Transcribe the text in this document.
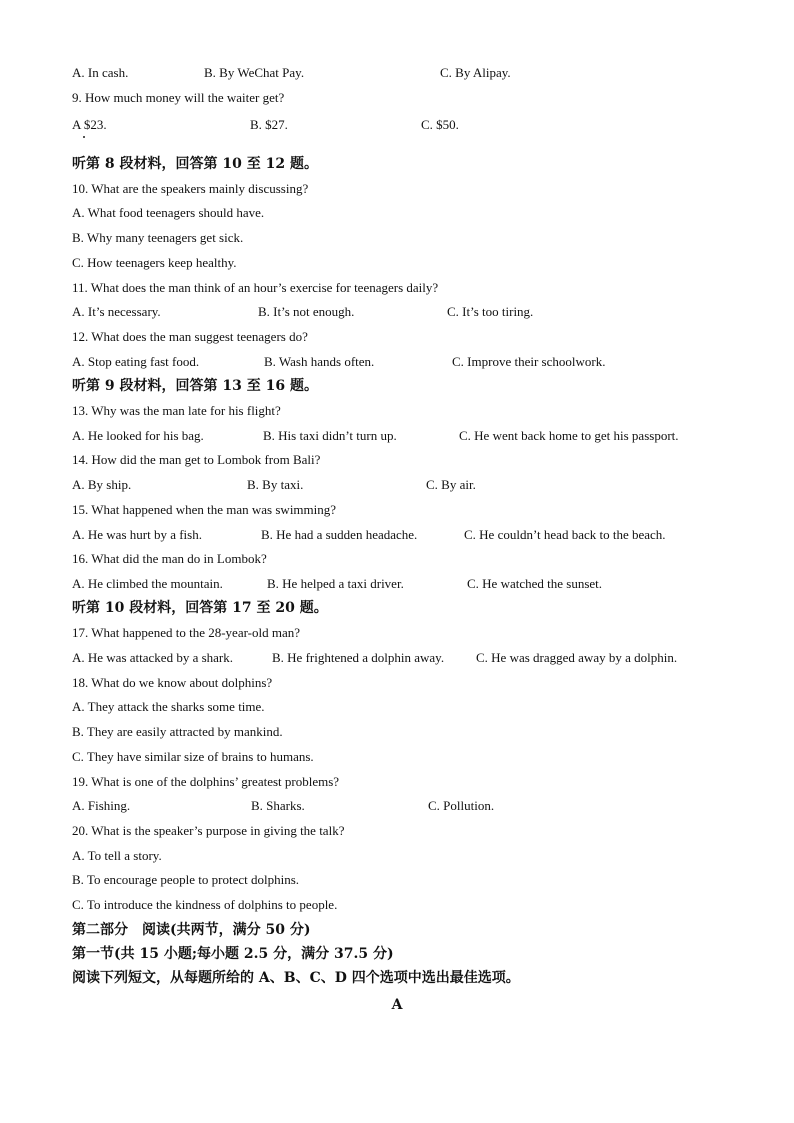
A. In cash.	B. By WeChat Pay.	C. By Alipay.
9. How much money will the waiter get?
A $23.	B. $27.	C. $50.
听第 8 段材料，回答第 10 至 12 题。
10. What are the speakers mainly discussing?
A. What food teenagers should have.
B. Why many teenagers get sick.
C. How teenagers keep healthy.
11. What does the man think of an hour’s exercise for teenagers daily?
A. It’s necessary.	B. It’s not enough.	C. It’s too tiring.
12. What does the man suggest teenagers do?
A. Stop eating fast food.	B. Wash hands often.	C. Improve their schoolwork.
听第 9 段材料，回答第 13 至 16 题。
13. Why was the man late for his flight?
A. He looked for his bag.	B. His taxi didn’t turn up.	C. He went back home to get his passport.
14. How did the man get to Lombok from Bali?
A. By ship.	B. By taxi.	C. By air.
15. What happened when the man was swimming?
A. He was hurt by a fish.	B. He had a sudden headache.	C. He couldn’t head back to the beach.
16. What did the man do in Lombok?
A. He climbed the mountain.	B. He helped a taxi driver.	C. He watched the sunset.
听第 10 段材料，回答第 17 至 20 题。
17. What happened to the 28-year-old man?
A. He was attacked by a shark.	B. He frightened a dolphin away. C. He was dragged away by a dolphin.
18. What do we know about dolphins?
A. They attack the sharks some time.
B. They are easily attracted by mankind.
C. They have similar size of brains to humans.
19. What is one of the dolphins’ greatest problems?
A. Fishing.	B. Sharks.	C. Pollution.
20. What is the speaker’s purpose in giving the talk?
A. To tell a story.
B. To encourage people to protect dolphins.
C. To introduce the kindness of dolphins to people.
第二部分　阅读(共两节，满分 50 分)
第一节(共 15 小题;每小题 2.5 分，满分 37.5 分)
阅读下列短文，从每题所给的 A、B、C、D 四个选项中选出最佳选项。
A
